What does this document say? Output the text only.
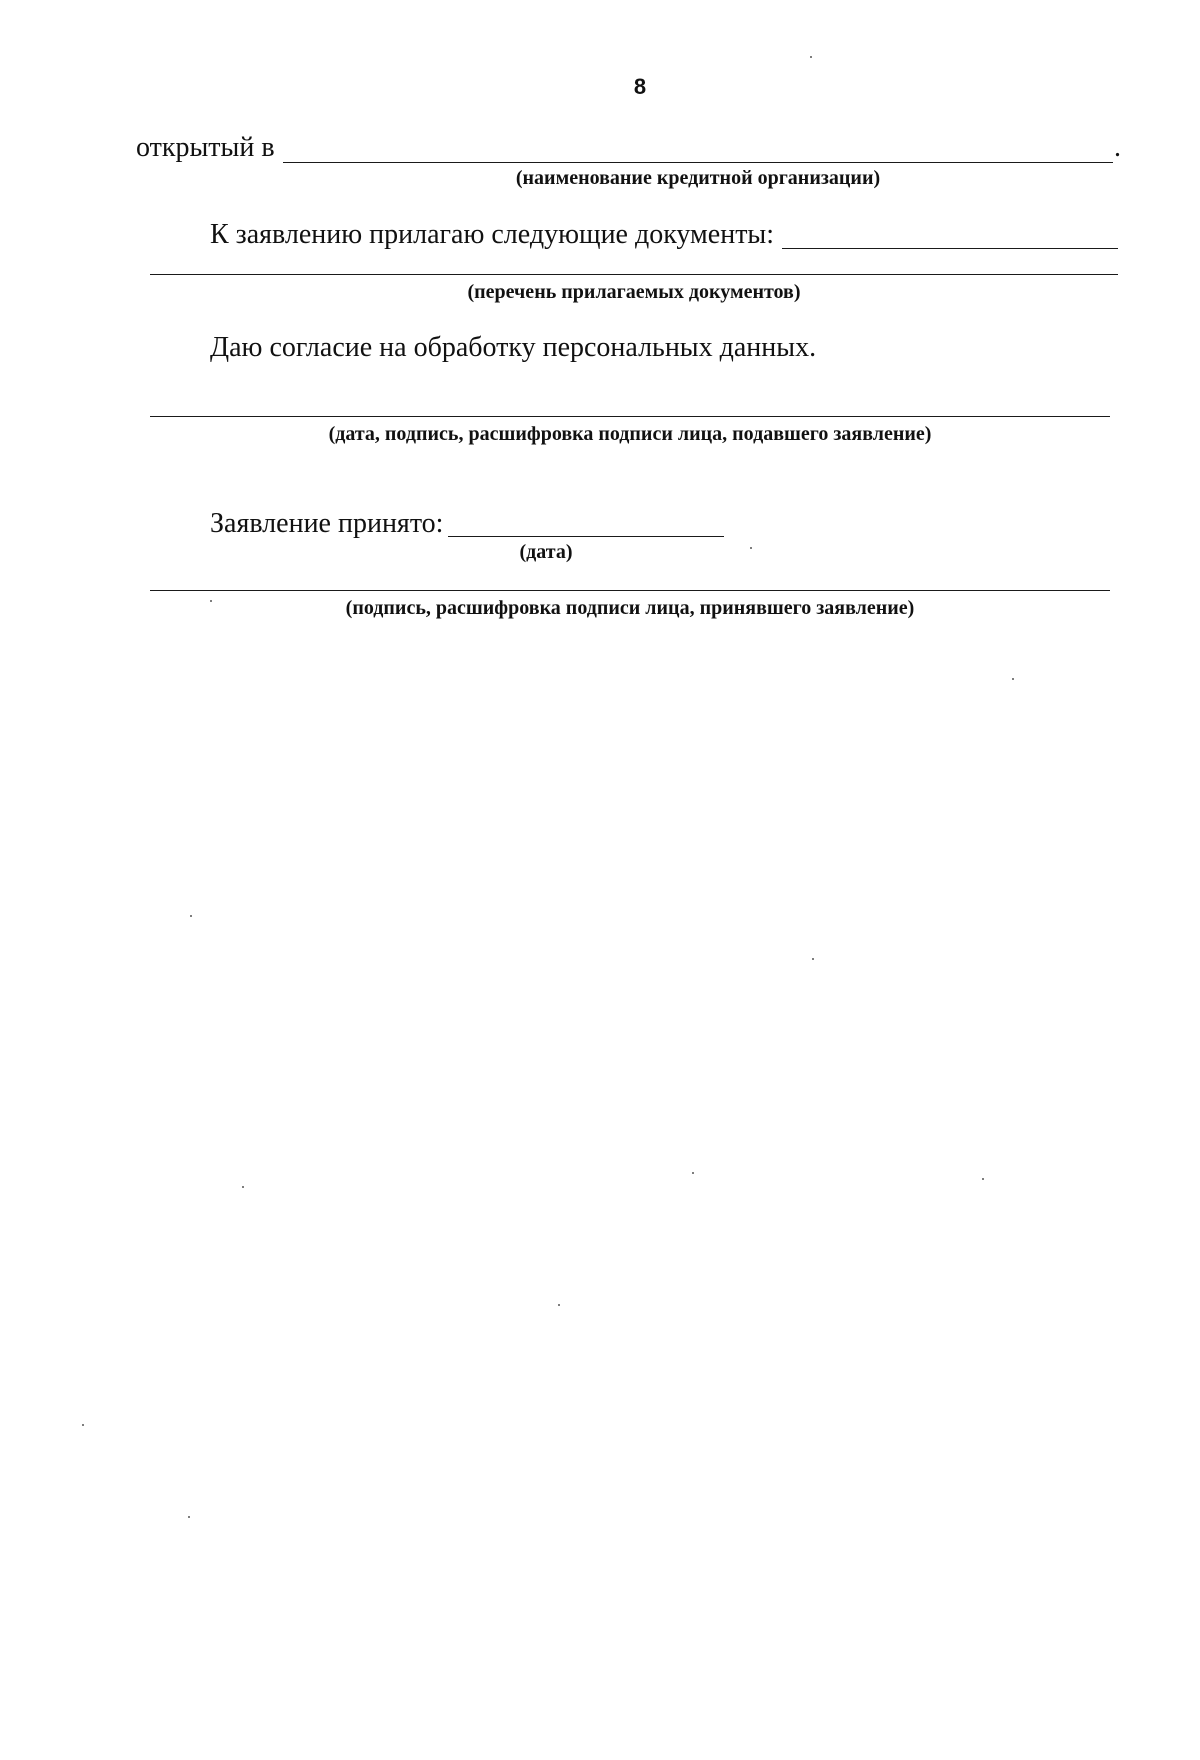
8
открытый в	.
(наименование кредитной организации)
К заявлению прилагаю следующие документы:
(перечень прилагаемых документов)
Даю согласие на обработку персональных данных.
(дата, подпись, расшифровка подписи лица, подавшего заявление)
Заявление принято:
(дата)
(подпись, расшифровка подписи лица, принявшего заявление)
